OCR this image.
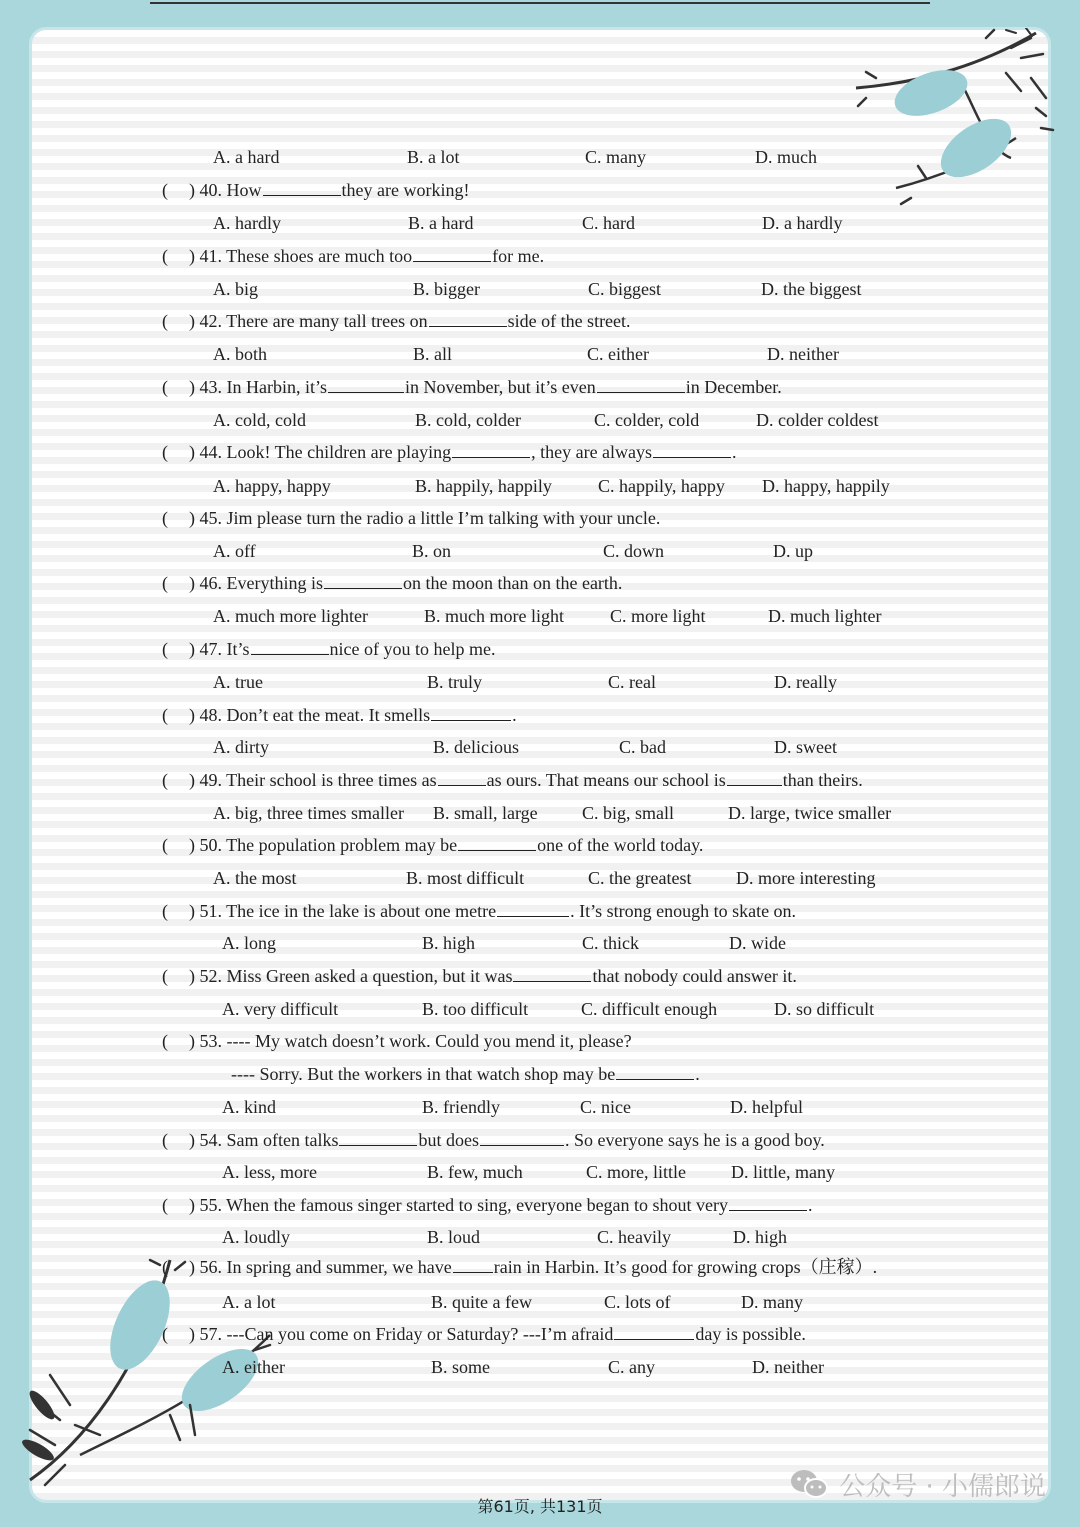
A. a hard	B. a lot	C. many	D. much
( ) 40. How	they are working!
A. hardly	B. a hard	C. hard	D. a hardly
( ) 41. These shoes are much too	for me.
A. big	B. bigger	C. biggest	D. the biggest
( ) 42. There are many tall trees on	side of the street.
A. both	B. all	C. either	D. neither
( ) 43. In Harbin, it’s	in November, but it’s even	in December.
A. cold, cold	B. cold, colder	C. colder, cold	D. colder coldest
( ) 44. Look! The children are playing	, they are always	.
A. happy, happy	B. happily, happily	C. happily, happy D. happy, happily
( ) 45. Jim please turn the radio a little I’m talking with your uncle.
A. off	B. on	C. down	D. up
( ) 46. Everything is	on the moon than on the earth.
A. much more lighter	B. much more light	C. more light	D. much lighter
( ) 47. It’s	nice of you to help me.
A. true	B. truly	C. real	D. really
( ) 48. Don’t eat the meat. It smells	.
A. dirty	B. delicious	C. bad	D. sweet
( ) 49. Their school is three times as	as ours. That means our school is	than theirs.
A. big, three times smaller B. small, large C. big, small	D. large, twice smaller
( ) 50. The population problem may be	one of the world today.
A. the most	B. most difficult	C. the greatest D. more interesting
( ) 51. The ice in the lake is about one metre	. It’s strong enough to skate on.
A. long	B. high	C. thick	D. wide
( ) 52. Miss Green asked a question, but it was	that nobody could answer it.
A. very difficult	B. too difficult	C. difficult enough	D. so difficult
( ) 53. ---- My watch doesn’t work. Could you mend it, please?
---- Sorry. But the workers in that watch shop may be	.
A. kind	B. friendly	C. nice	D. helpful
( ) 54. Sam often talks	but does	. So everyone says he is a good boy.
A. less, more	B. few, much	C. more, little	D. little, many
( ) 55. When the famous singer started to sing, everyone began to shout very	.
A. loudly	B. loud	C. heavily	D. high
( ) 56. In spring and summer, we have rain in Harbin. It’s good for growing crops（庄稼）.
A. a lot	B. quite a few	C. lots of	D. many
( ) 57. ---Can you come on Friday or Saturday? ---I’m afraid	day is possible.
A. either	B. some	C. any	D. neither
公众号 · 小儒郎说
第61页, 共131页
